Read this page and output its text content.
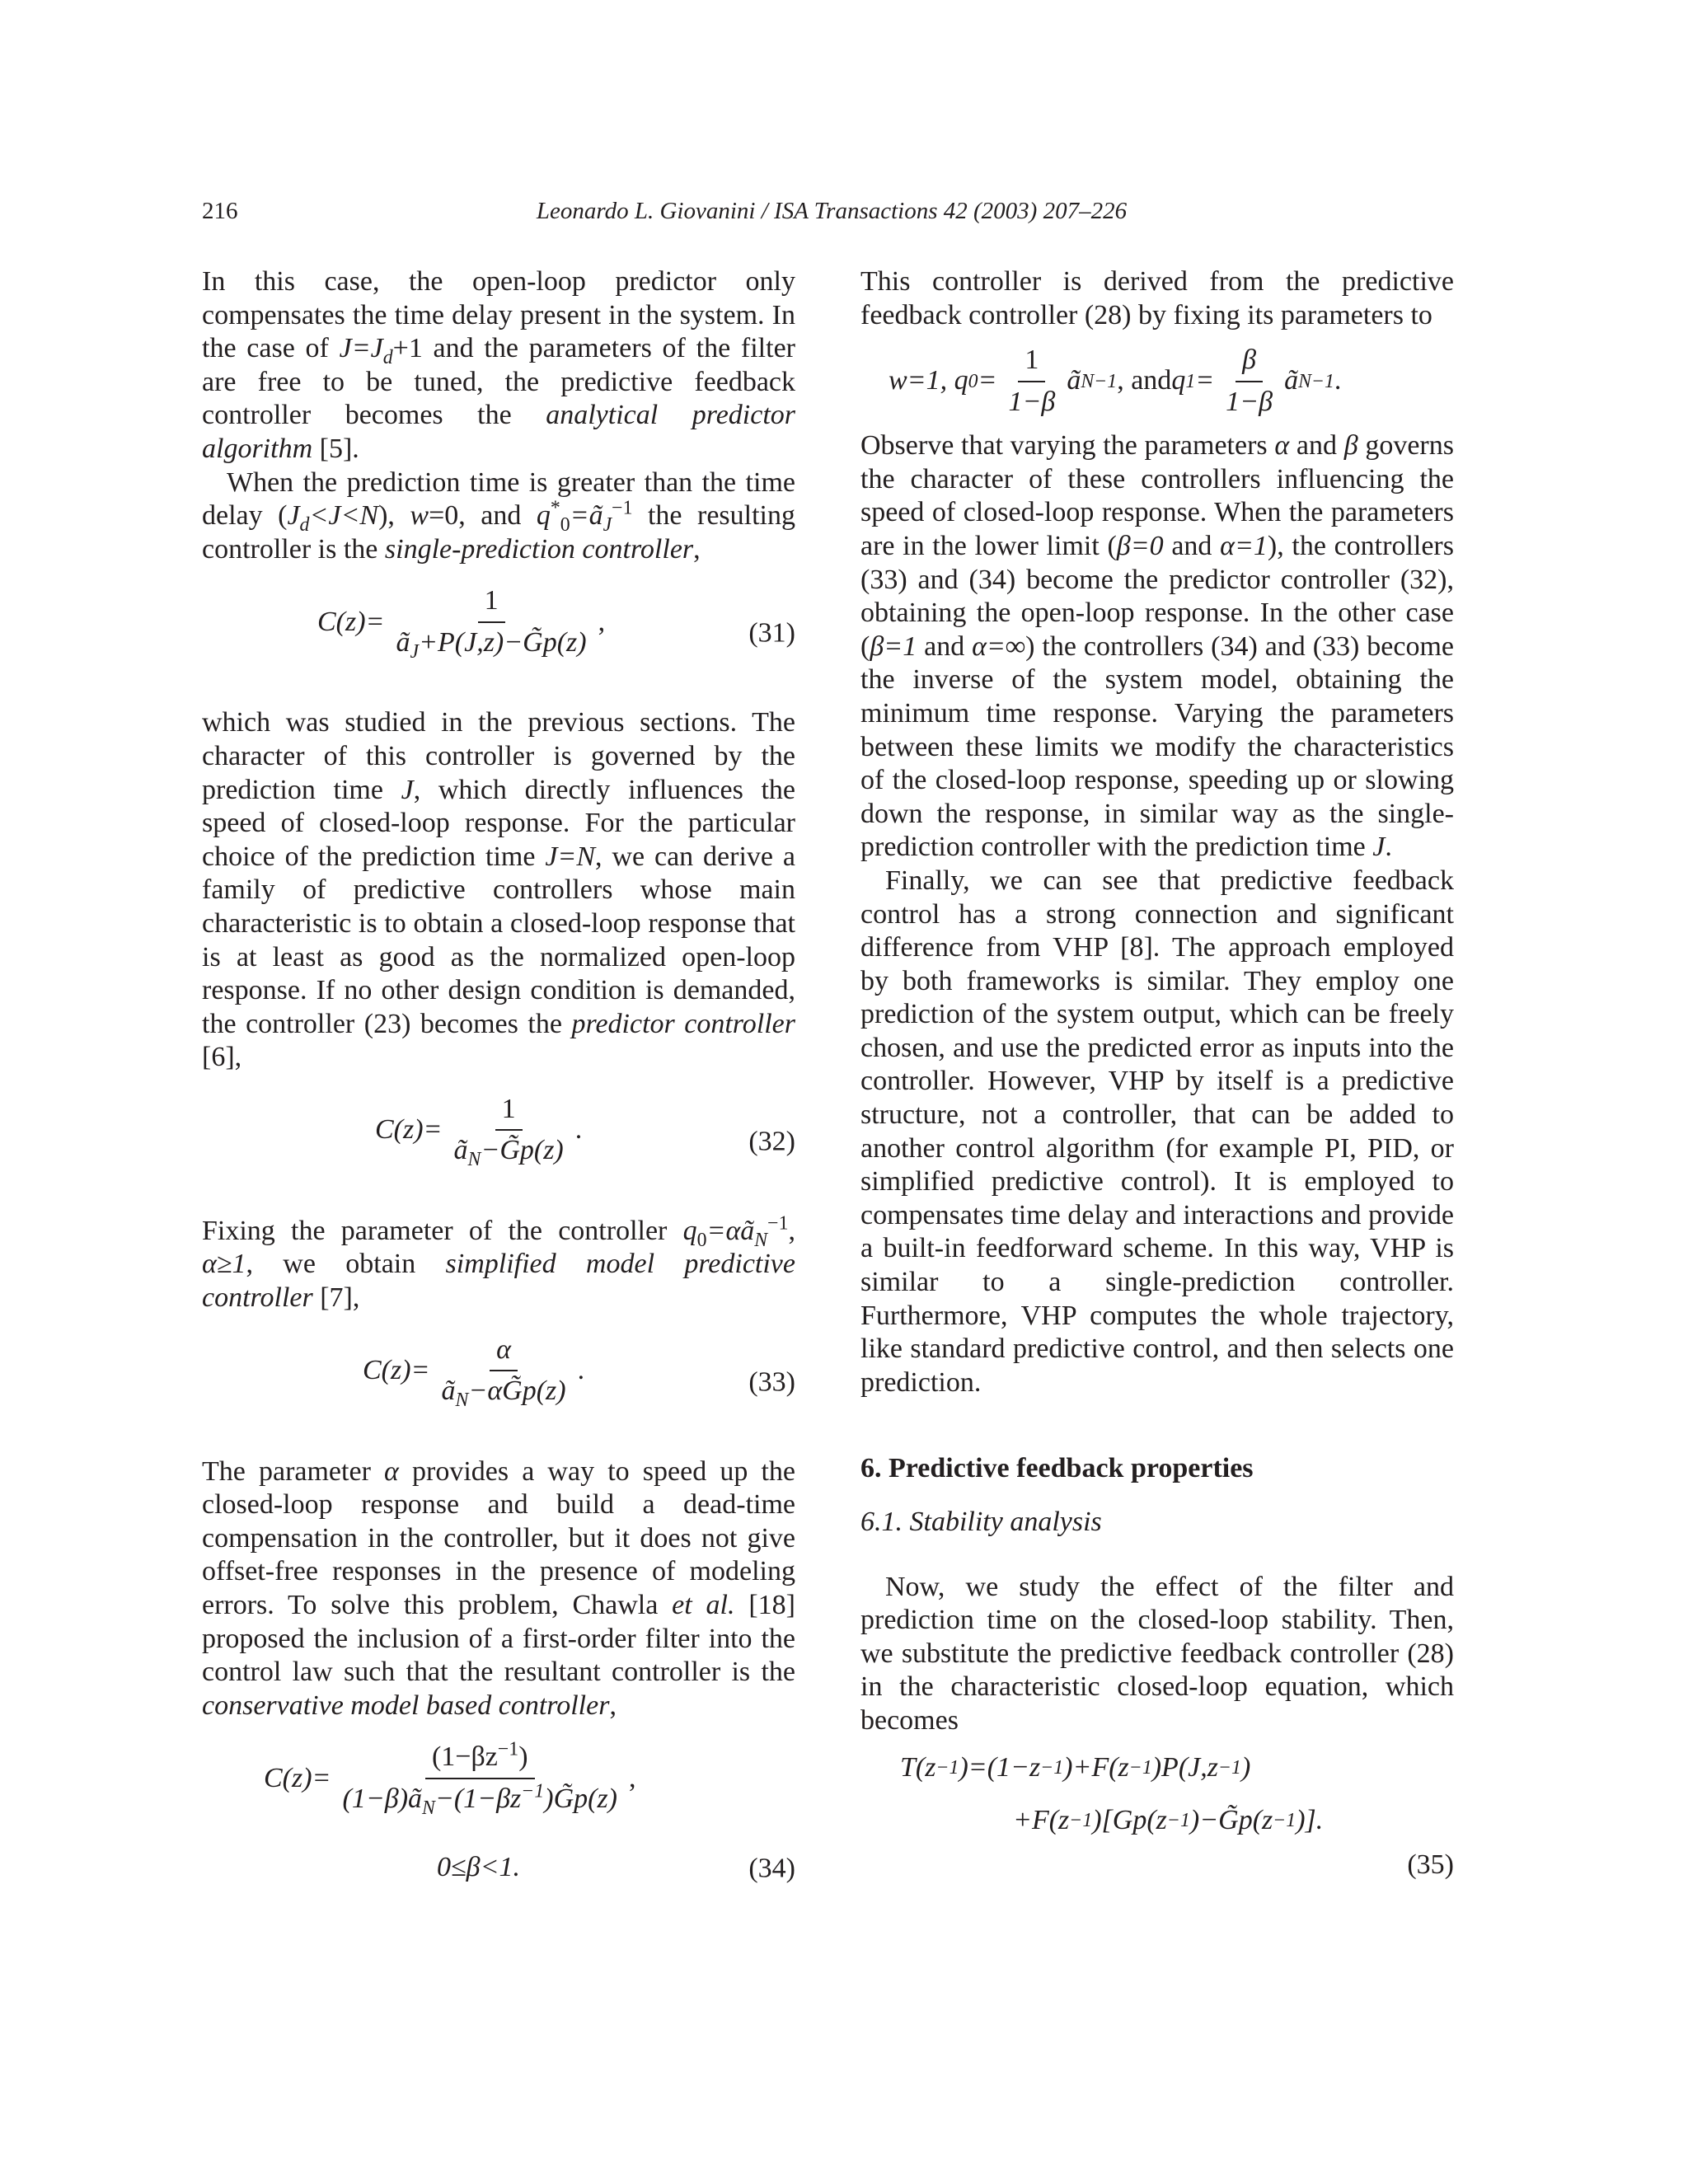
216	Leonardo L. Giovanini / ISA Transactions 42 (2003) 207–226

In this case, the open-loop predictor only compensates the time delay present in the system. In the case of $J=J_d+1$ and the parameters of the filter are free to be tuned, the predictive feedback controller becomes the analytical predictor algorithm [5].

When the prediction time is greater than the time delay $(J_d<J<N)$, w=0, and $q^*_0=ã_J^{-1}$ the resulting controller is the single-prediction controller,

$C(z)= \frac{1}{ã_J+P(J,z)-G̃p(z)}$ ,	(31)

which was studied in the previous sections. The character of this controller is governed by the prediction time J, which directly influences the speed of closed-loop response. For the particular choice of the prediction time J=N, we can derive a family of predictive controllers whose main characteristic is to obtain a closed-loop response that is at least as good as the normalized open-loop response. If no other design condition is demanded, the controller (23) becomes the predictor controller [6],

$C(z)= \frac{1}{ã_N-G̃p(z)}$ .	(32)

Fixing the parameter of the controller $q_0=\alpha ã_N^{-1}$, α≥1, we obtain simplified model predictive controller [7],

$C(z)= \frac{\alpha}{ã_N-\alpha G̃p(z)}$ .	(33)

The parameter α provides a way to speed up the closed-loop response and build a dead-time compensation in the controller, but it does not give offset-free responses in the presence of modeling errors. To solve this problem, Chawla et al. [18] proposed the inclusion of a first-order filter into the control law such that the resultant controller is the conservative model based controller,

$C(z)= \frac{(1-\beta z^{-1})}{(1-\beta)ã_N-(1-\beta z^{-1})G̃p(z)}$ ,
0≤β<1.	(34)

This controller is derived from the predictive feedback controller (28) by fixing its parameters to

w=1, q $0 = \frac{1}{1-\beta}$ ã N −1 , and q $1 = \frac{\beta}{1-\beta}$ ã N −1 .

Observe that varying the parameters α and β governs the character of these controllers influencing the speed of closed-loop response. When the parameters are in the lower limit (β=0 and α=1), the controllers (33) and (34) become the predictor controller (32), obtaining the open-loop response. In the other case (β=1 and α=∞) the controllers (34) and (33) become the inverse of the system model, obtaining the minimum time response. Varying the parameters between these limits we modify the characteristics of the closed-loop response, speeding up or slowing down the response, in similar way as the single-prediction controller with the prediction time J.

Finally, we can see that predictive feedback control has a strong connection and significant difference from VHP [8]. The approach employed by both frameworks is similar. They employ one prediction of the system output, which can be freely chosen, and use the predicted error as inputs into the controller. However, VHP by itself is a predictive structure, not a controller, that can be added to another control algorithm (for example PI, PID, or simplified predictive control). It is employed to compensates time delay and interactions and provide a built-in feedforward scheme. In this way, VHP is similar to a single-prediction controller. Furthermore, VHP computes the whole trajectory, like standard predictive control, and then selects one prediction.

6. Predictive feedback properties
6.1. Stability analysis

Now, we study the effect of the filter and prediction time on the closed-loop stability. Then, we substitute the predictive feedback controller (28) in the characteristic closed-loop equation, which becomes

T(z −1 )=(1−z −1 )+F(z −1 )P(J,z −1 )
+F(z −1 )[Gp(z −1 )−G̃p(z −1 )].
(35)
